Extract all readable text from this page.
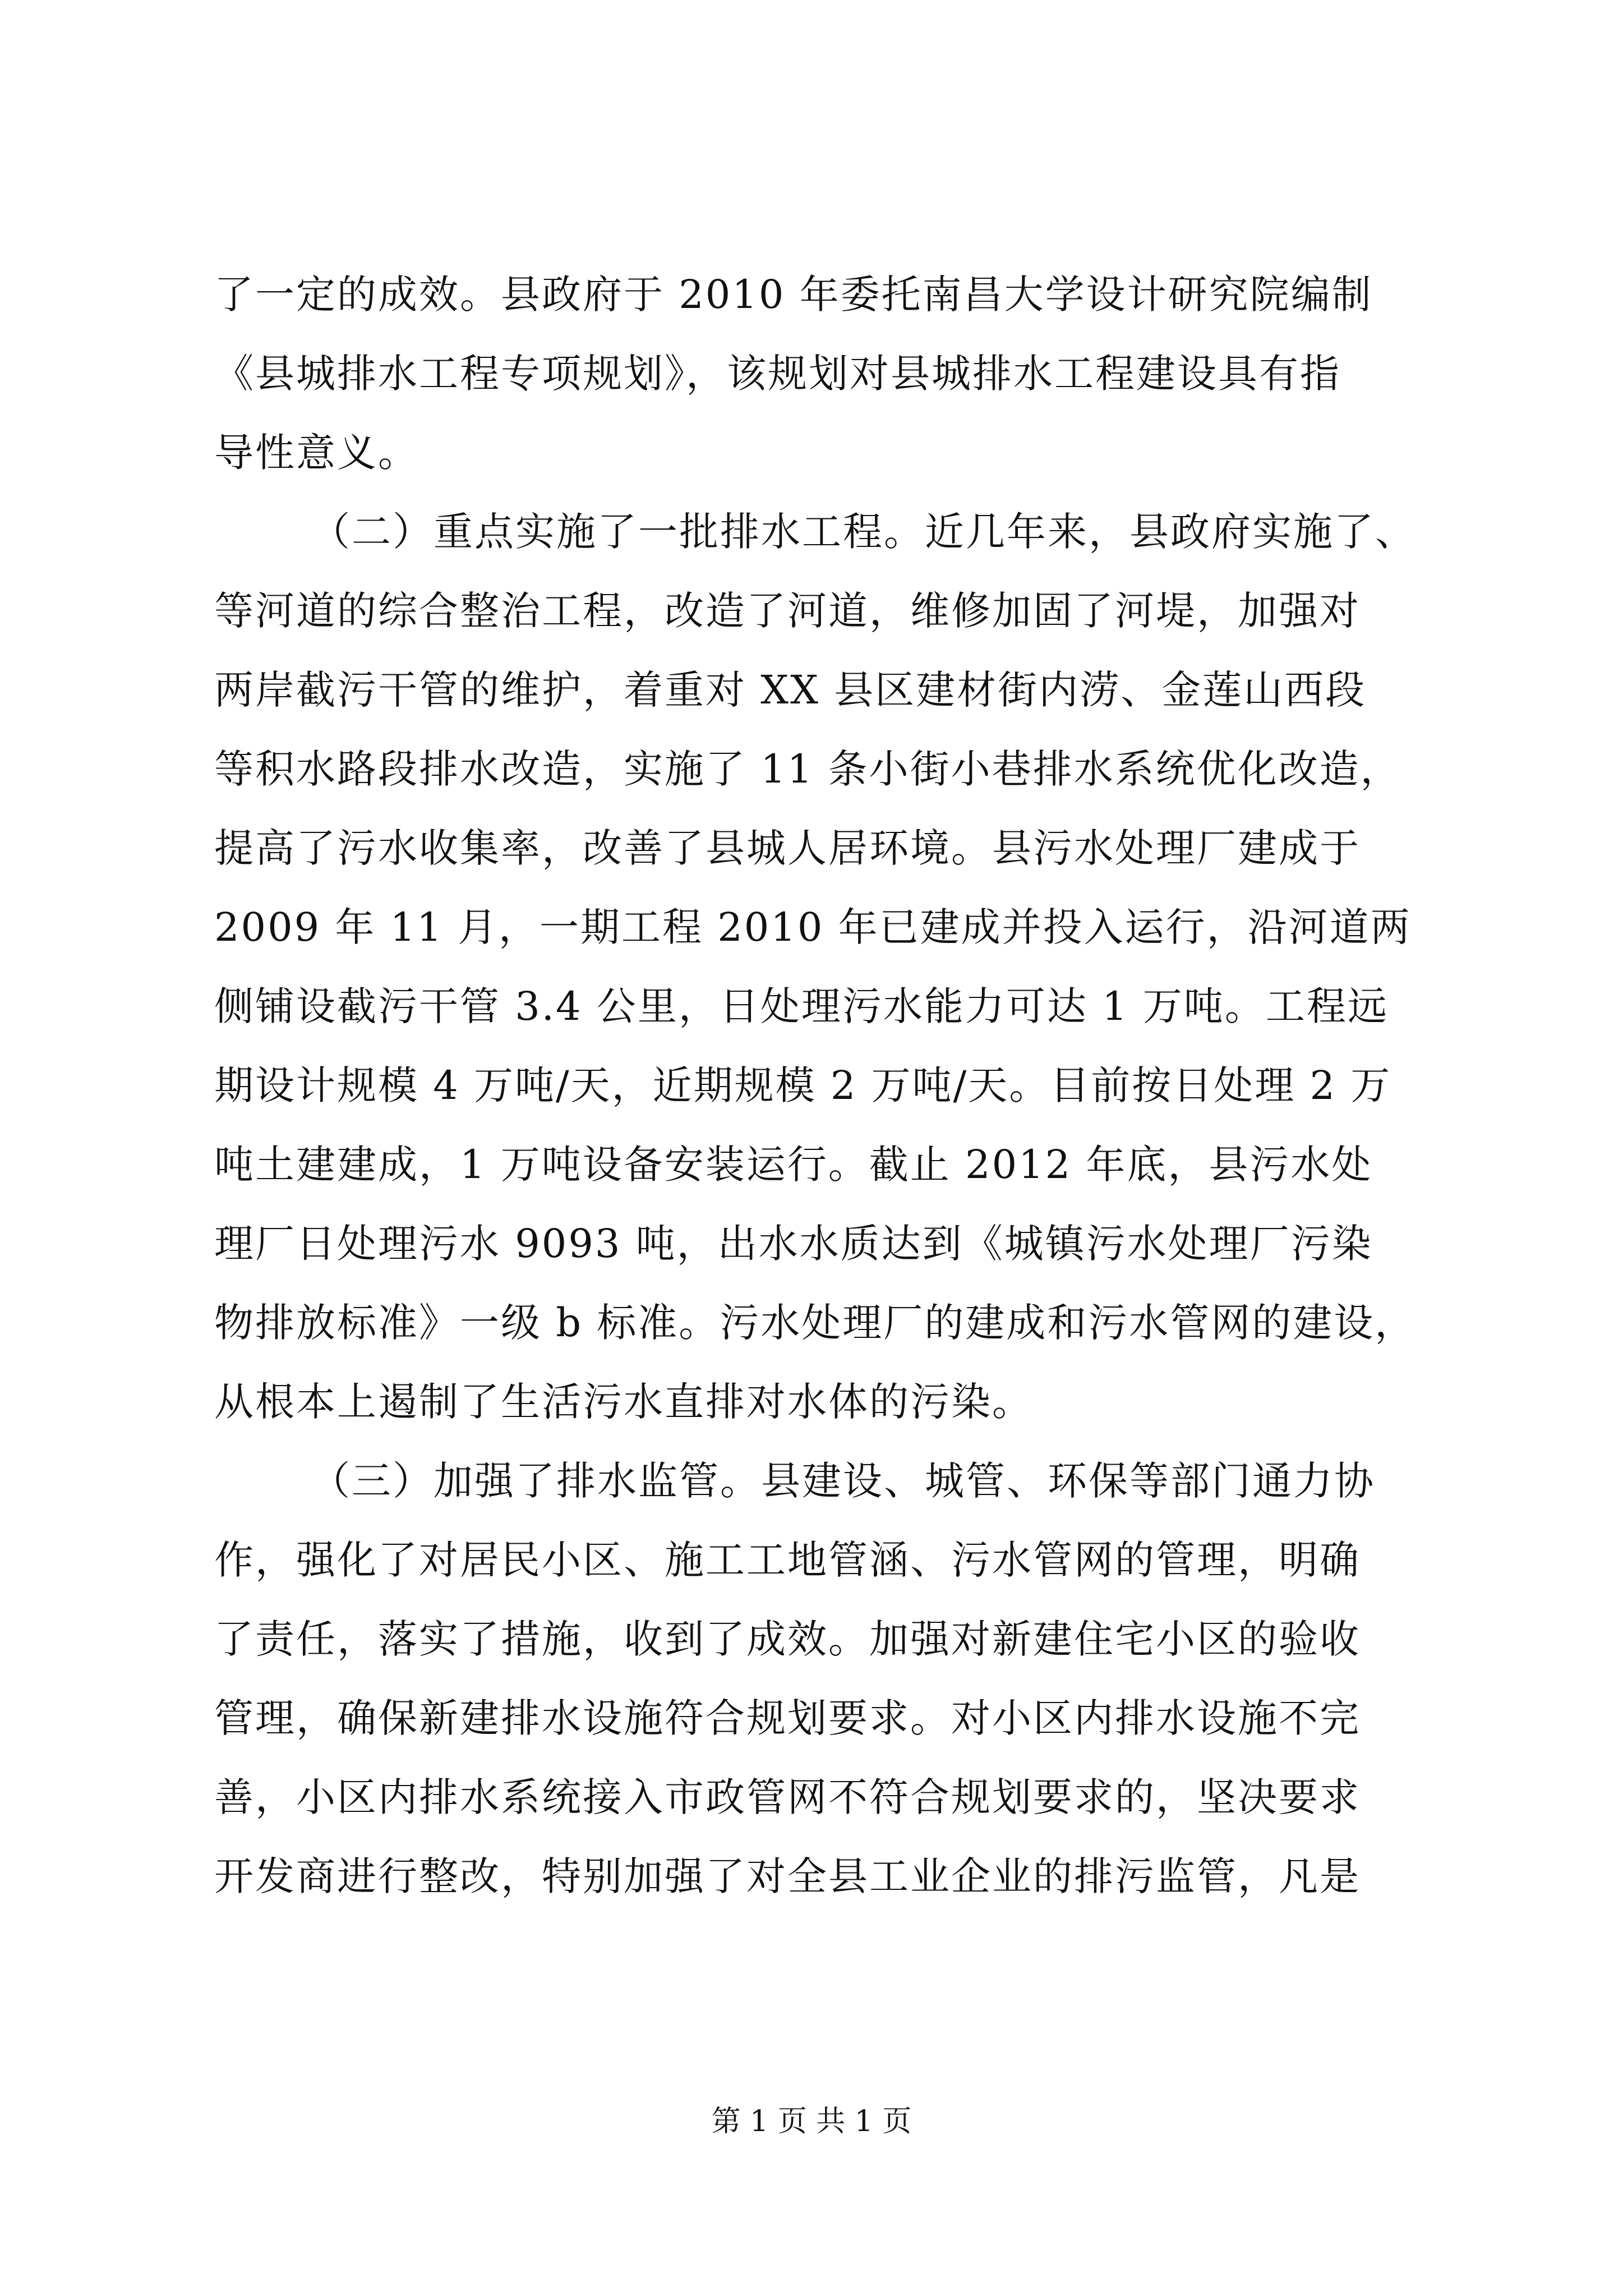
了一定的成效。县政府于 2010 年委托南昌大学设计研究院编制
《县城排水工程专项规划》，该规划对县城排水工程建设具有指
导性意义。
（二）重点实施了一批排水工程。近几年来，县政府实施了、
等河道的综合整治工程，改造了河道，维修加固了河堤，加强对
两岸截污干管的维护，着重对 XX 县区建材街内涝、金莲山西段
等积水路段排水改造，实施了 11 条小街小巷排水系统优化改造，
提高了污水收集率，改善了县城人居环境。县污水处理厂建成于
2009 年 11 月，一期工程 2010 年已建成并投入运行，沿河道两
侧铺设截污干管 3.4 公里，日处理污水能力可达 1 万吨。工程远
期设计规模 4 万吨/天，近期规模 2 万吨/天。目前按日处理 2 万
吨土建建成，1 万吨设备安装运行。截止 2012 年底，县污水处
理厂日处理污水 9093 吨，出水水质达到《城镇污水处理厂污染
物排放标准》一级 b 标准。污水处理厂的建成和污水管网的建设，
从根本上遏制了生活污水直排对水体的污染。
（三）加强了排水监管。县建设、城管、环保等部门通力协
作，强化了对居民小区、施工工地管涵、污水管网的管理，明确
了责任，落实了措施，收到了成效。加强对新建住宅小区的验收
管理，确保新建排水设施符合规划要求。对小区内排水设施不完
善，小区内排水系统接入市政管网不符合规划要求的，坚决要求
开发商进行整改，特别加强了对全县工业企业的排污监管，凡是
第 1 页 共 1 页
